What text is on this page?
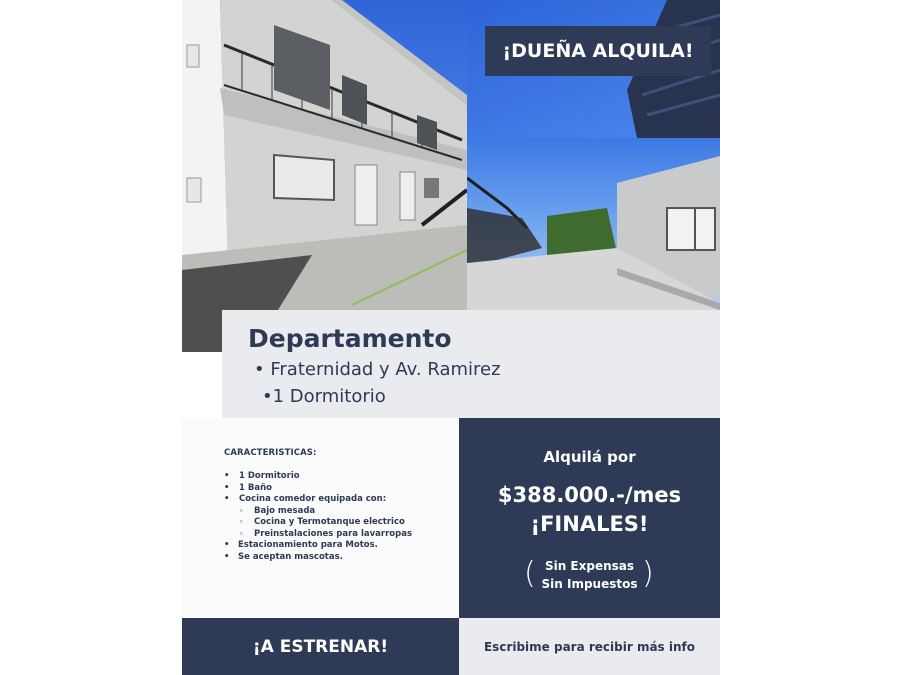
¡DUEÑA ALQUILA!
Departamento
• Fraternidad y Av. Ramirez
•1 Dormitorio
CARACTERISTICAS:
• 1 Dormitorio
• 1 Baño
• Cocina comedor equipada con:
◦ Bajo mesada
◦ Cocina y Termotanque electrico
◦ Preinstalaciones para lavarropas
• Estacionamiento para Motos.
• Se aceptan mascotas.
Alquilá por
$388.000.-/mes
¡FINALES!
(	)
Sin Expensas
Sin Impuestos
¡A ESTRENAR!	Escribime para recibir más info
